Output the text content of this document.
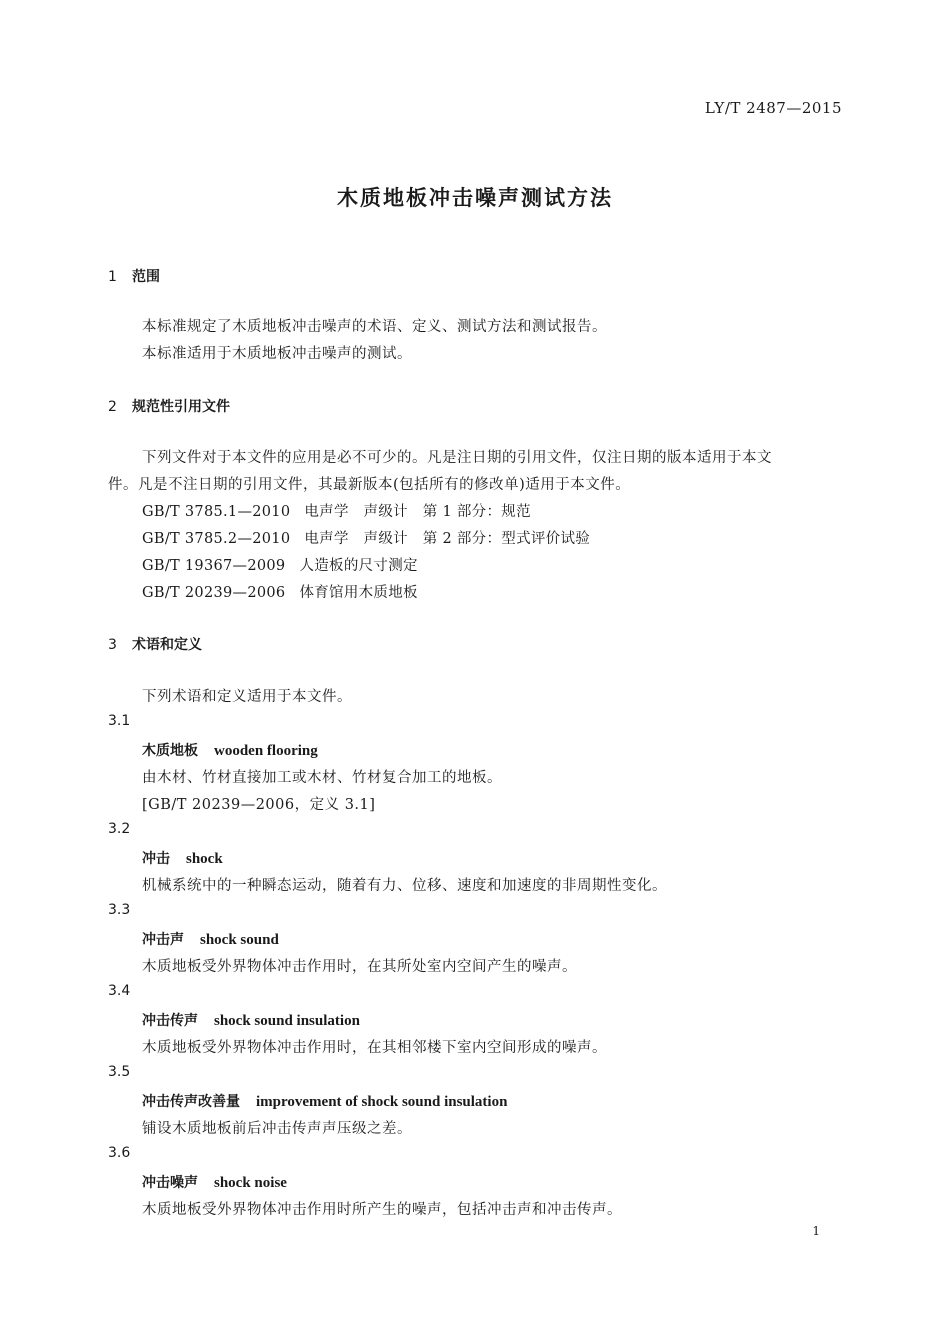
LY/T 2487—2015
木质地板冲击噪声测试方法
1 范围
本标准规定了木质地板冲击噪声的术语、定义、测试方法和测试报告。
本标准适用于木质地板冲击噪声的测试。
2 规范性引用文件
下列文件对于本文件的应用是必不可少的。凡是注日期的引用文件，仅注日期的版本适用于本文
件。凡是不注日期的引用文件，其最新版本(包括所有的修改单)适用于本文件。
GB/T 3785.1—2010 电声学　声级计　第 1 部分：规范
GB/T 3785.2—2010 电声学　声级计　第 2 部分：型式评价试验
GB/T 19367—2009 人造板的尺寸测定
GB/T 20239—2006 体育馆用木质地板
3 术语和定义
下列术语和定义适用于本文件。
3.1
木质地板 wooden flooring
由木材、竹材直接加工或木材、竹材复合加工的地板。
[GB/T 20239—2006，定义 3.1]
3.2
冲击 shock
机械系统中的一种瞬态运动，随着有力、位移、速度和加速度的非周期性变化。
3.3
冲击声 shock sound
木质地板受外界物体冲击作用时，在其所处室内空间产生的噪声。
3.4
冲击传声 shock sound insulation
木质地板受外界物体冲击作用时，在其相邻楼下室内空间形成的噪声。
3.5
冲击传声改善量 improvement of shock sound insulation
铺设木质地板前后冲击传声声压级之差。
3.6
冲击噪声 shock noise
木质地板受外界物体冲击作用时所产生的噪声，包括冲击声和冲击传声。
1
